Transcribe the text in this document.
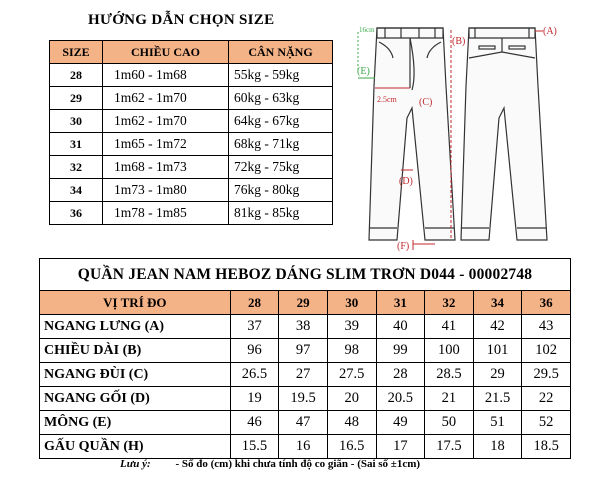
HƯỚNG DẪN CHỌN SIZE
SIZE	CHIỀU CAO	CÂN NẶNG
28	1m60 - 1m68	55kg - 59kg
29	1m62 - 1m70	60kg - 63kg
30	1m62 - 1m70	64kg - 67kg
31	1m65 - 1m72	68kg - 71kg
32	1m68 - 1m73	72kg - 75kg
34	1m73 - 1m80	76kg - 80kg
36	1m78 - 1m85	81kg - 85kg
(A)
(B)
2.5cm (C)
(D)
16cm
(E)
(F)
QUẦN JEAN NAM HEBOZ DÁNG SLIM TRƠN D044 - 00002748							
VỊ TRÍ ĐO	28	29	30	31	32	34	36
NGANG LƯNG (A)	37	38	39	40	41	42	43
CHIỀU DÀI (B)	96	97	98	99	100	101	102
NGANG ĐÙI (C)	26.5	27	27.5	28	28.5	29	29.5
NGANG GỐI (D)	19	19.5	20	20.5	21	21.5	22
MÔNG (E)	46	47	48	49	50	51	52
GẤU QUẦN (H)	15.5	16	16.5	17	17.5	18	18.5
Lưu ý: - Số đo (cm) khi chưa tính độ co giãn - (Sai số ±1cm)
